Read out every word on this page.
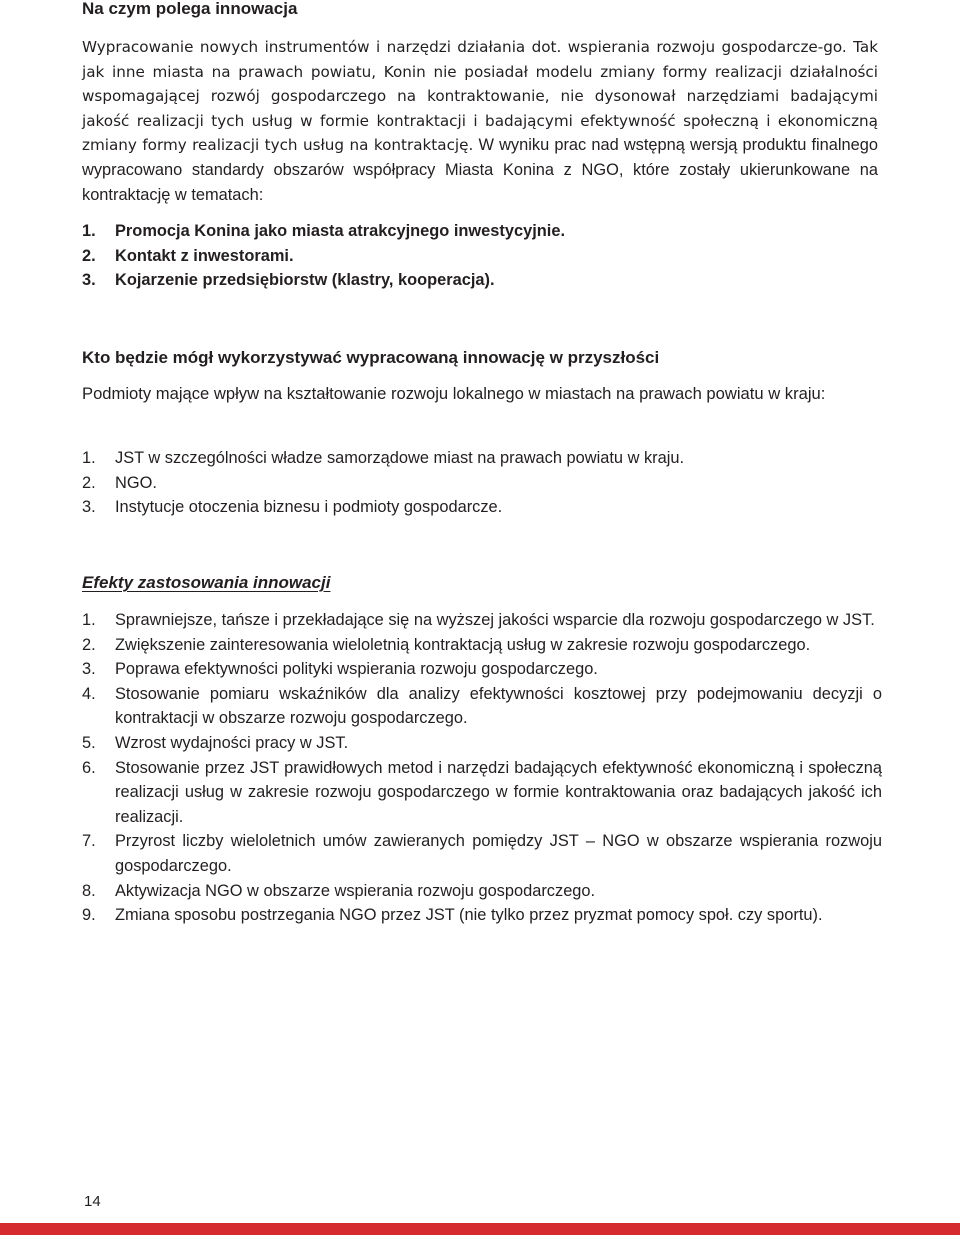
Na czym polega innowacja

Wypracowanie nowych instrumentów i narzędzi działania dot. wspierania rozwoju gospodarcze-go. Tak jak inne miasta na prawach powiatu, Konin nie posiadał modelu zmiany formy realizacji działalności wspomagającej rozwój gospodarczego na kontraktowanie, nie dysonował narzędziami badającymi jakość realizacji tych usług w formie kontraktacji i badającymi efektywność społeczną i ekonomiczną zmiany formy realizacji tych usług na kontraktację. W wyniku prac nad wstępną wersją produktu finalnego wypracowano standardy obszarów współpracy Miasta Konina z NGO, które zostały ukierunkowane na kontraktację w tematach:

1.	Promocja Konina jako miasta atrakcyjnego inwestycyjnie.
2.	Kontakt z inwestorami.
3.	Kojarzenie przedsiębiorstw (klastry, kooperacja).
Kto będzie mógł wykorzystywać wypracowaną innowację w przyszłości

Podmioty mające wpływ na kształtowanie rozwoju lokalnego w miastach na prawach powiatu w kraju:

1.	JST w szczególności władze samorządowe miast na prawach powiatu w kraju.
2.	NGO.
3.	Instytucje otoczenia biznesu i podmioty gospodarcze.
Efekty zastosowania innowacji
1.	Sprawniejsze, tańsze i przekładające się na wyższej jakości wsparcie dla rozwoju gospodarczego w JST.
2.	Zwiększenie zainteresowania wieloletnią kontraktacją usług w zakresie rozwoju gospodarczego.
3.	Poprawa efektywności polityki wspierania rozwoju gospodarczego.
4.	Stosowanie pomiaru wskaźników dla analizy efektywności kosztowej przy podejmowaniu decyzji o kontraktacji w obszarze rozwoju gospodarczego.
5.	Wzrost wydajności pracy w JST.
6.	Stosowanie przez JST prawidłowych metod i narzędzi badających efektywność ekonomiczną i społeczną realizacji usług w zakresie rozwoju gospodarczego w formie kontraktowania oraz badających jakość ich realizacji.
7.	Przyrost liczby wieloletnich umów zawieranych pomiędzy JST – NGO w obszarze wspierania rozwoju gospodarczego.
8.	Aktywizacja NGO w obszarze wspierania rozwoju gospodarczego.
9.	Zmiana sposobu postrzegania NGO przez JST (nie tylko przez pryzmat pomocy społ. czy sportu).
14
